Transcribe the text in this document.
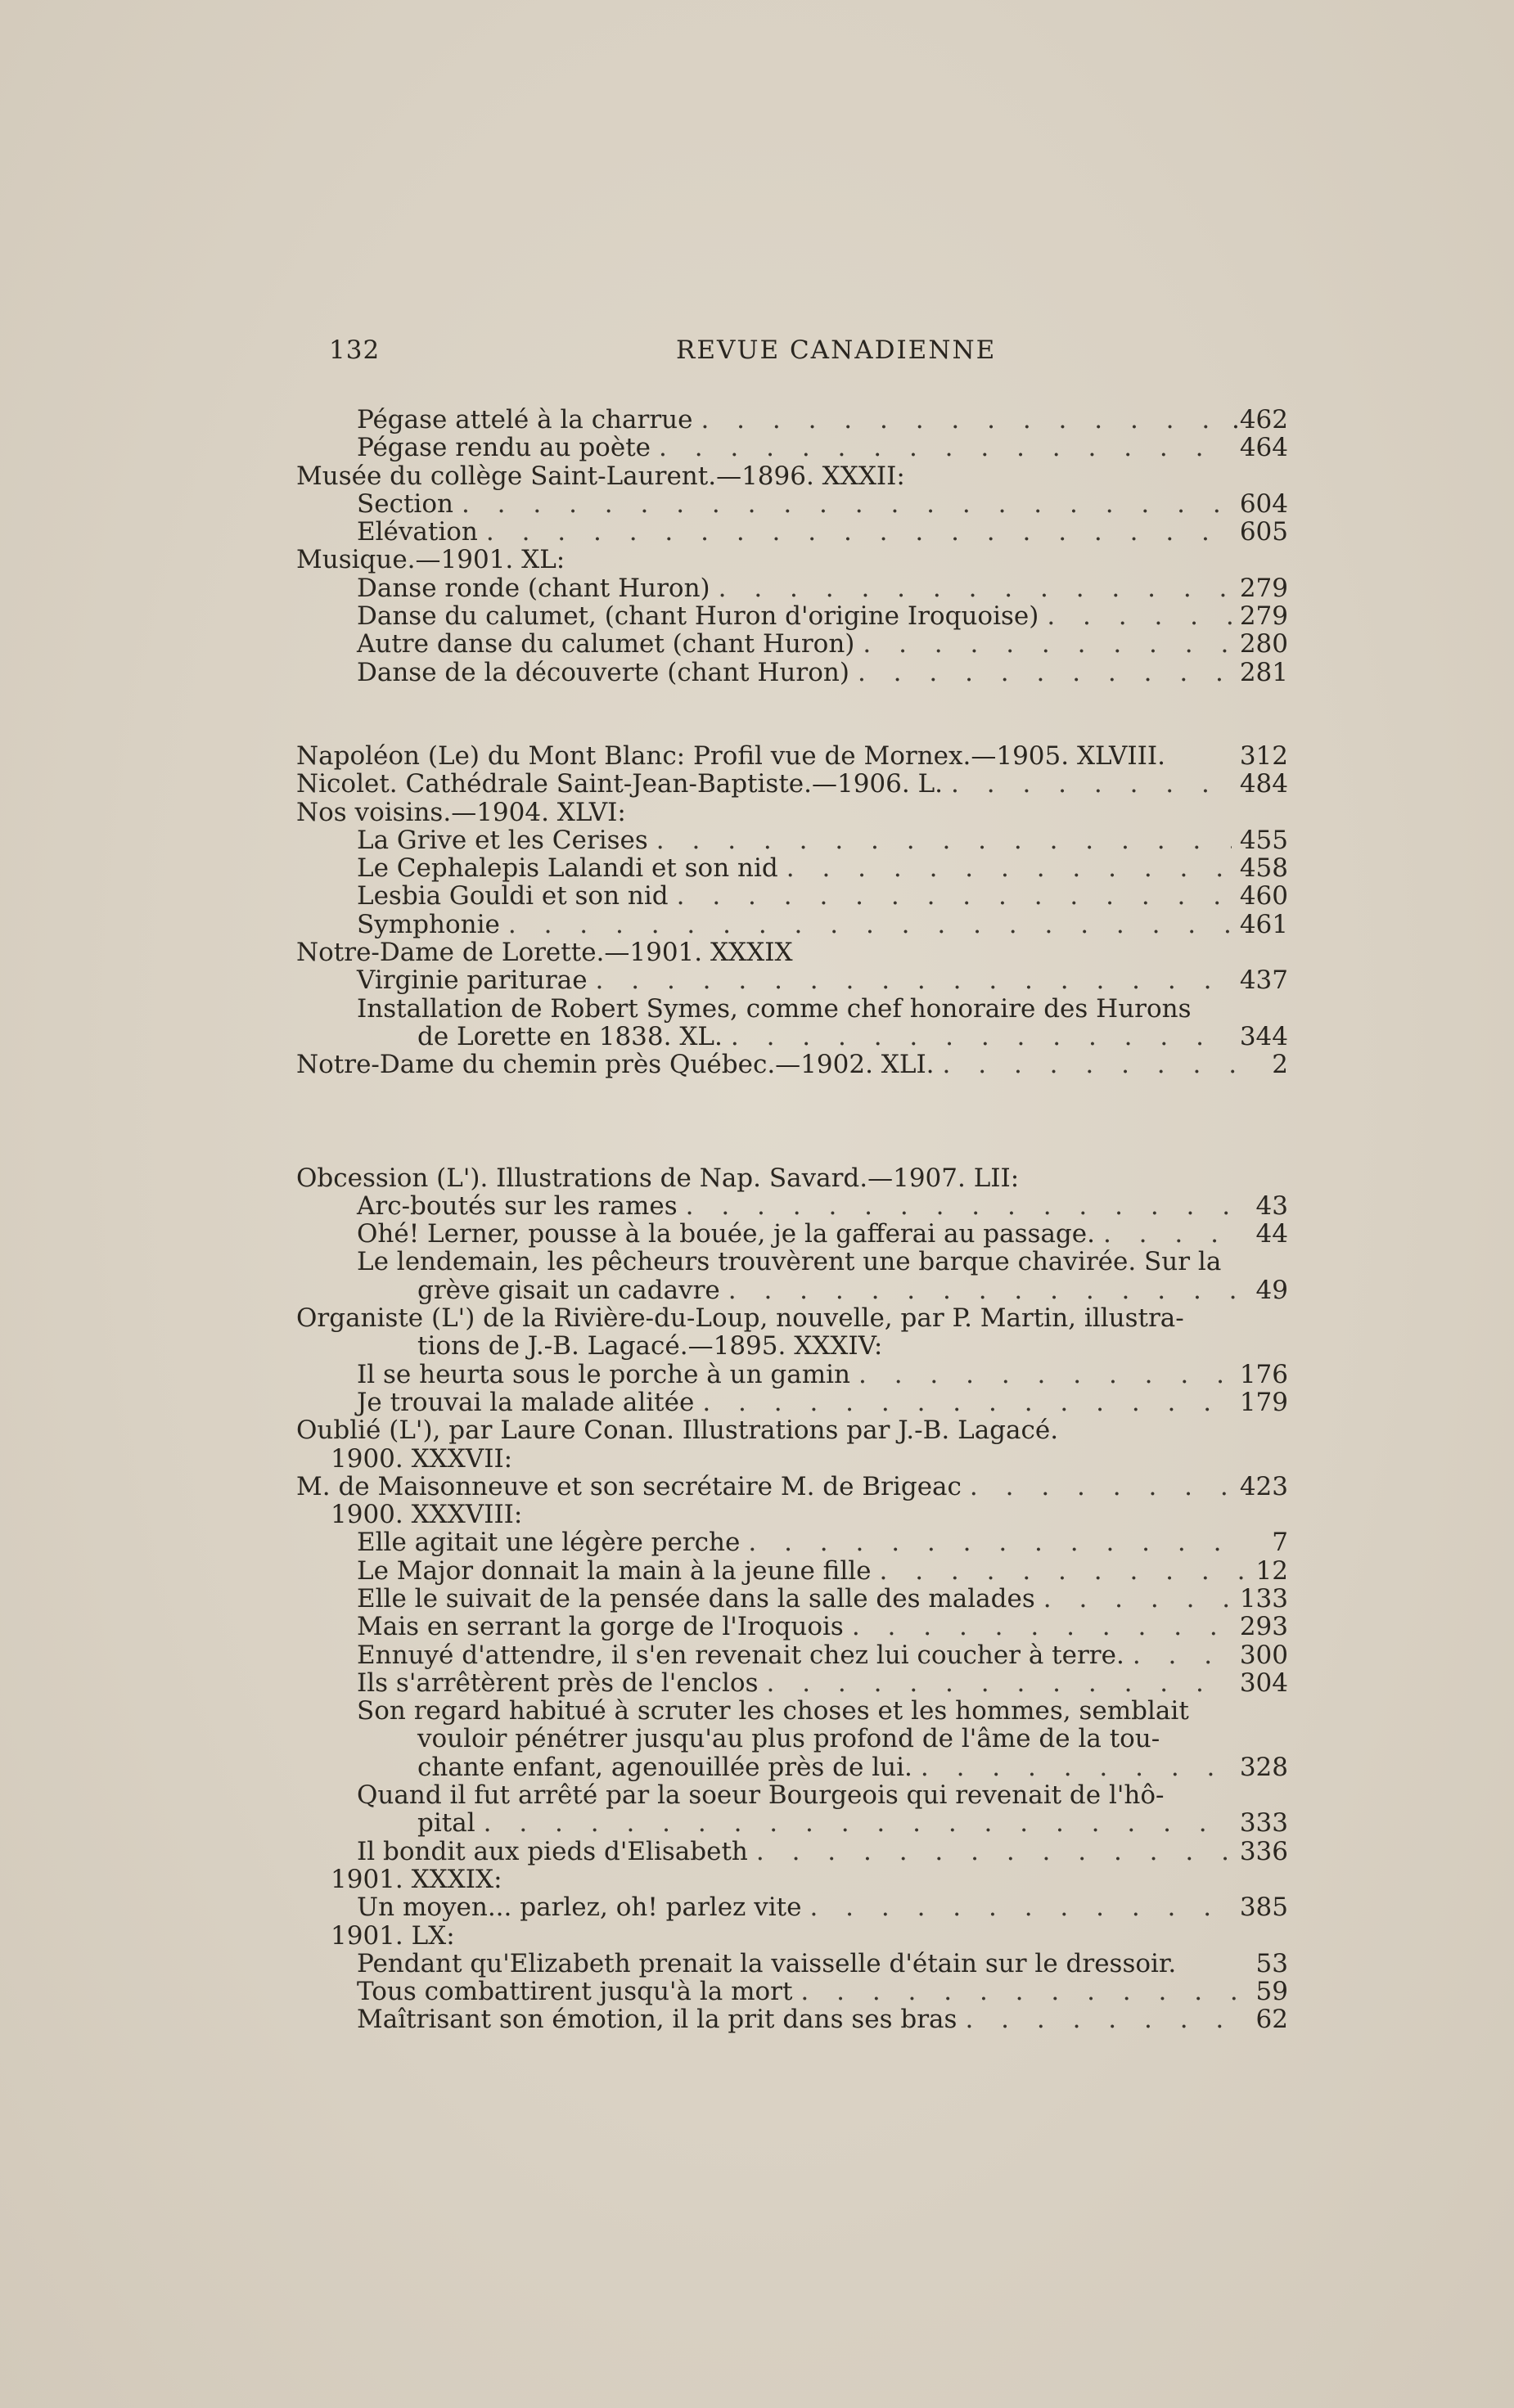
132	REVUE CANADIENNE
Pégase attelé à la charrue . . .	.462
Pégase rendu au poète . . .	464
Musée du collège Saint-Laurent.—1896. XXXII:
Section . . .	604
Elévation . . .	605
Musique.—1901. XL:
Danse ronde (chant Huron) . . .	279
Danse du calumet, (chant Huron d'origine Iroquoise) . . .	279
Autre danse du calumet (chant Huron) . . .	280
Danse de la découverte (chant Huron) . . .	281
Napoléon (Le) du Mont Blanc: Profil vue de Mornex.—1905. XLVIII.	312
Nicolet. Cathédrale Saint-Jean-Baptiste.—1906. L. . . .	484
Nos voisins.—1904. XLVI:
La Grive et les Cerises . . .	455
Le Cephalepis Lalandi et son nid . . .	458
Lesbia Gouldi et son nid . . .	460
Symphonie . . .	461
Notre-Dame de Lorette.—1901. XXXIX
Virginie pariturae . . .	437
Installation de Robert Symes, comme chef honoraire des Hurons
de Lorette en 1838. XL. . . .	344
Notre-Dame du chemin près Québec.—1902. XLI. . . .	2
Obcession (L'). Illustrations de Nap. Savard.—1907. LII:
Arc-boutés sur les rames . . .	43
Ohé! Lerner, pousse à la bouée, je la gafferai au passage. . . .	44
Le lendemain, les pêcheurs trouvèrent une barque chavirée. Sur la
grève gisait un cadavre . . .	49
Organiste (L') de la Rivière-du-Loup, nouvelle, par P. Martin, illustra-
tions de J.-B. Lagacé.—1895. XXXIV:
Il se heurta sous le porche à un gamin . . .	176
Je trouvai la malade alitée . . .	179
Oublié (L'), par Laure Conan. Illustrations par J.-B. Lagacé.
1900. XXXVII:
M. de Maisonneuve et son secrétaire M. de Brigeac . . .	423
1900. XXXVIII:
Elle agitait une légère perche . . .	7
Le Major donnait la main à la jeune fille . . .	12
Elle le suivait de la pensée dans la salle des malades . . .	133
Mais en serrant la gorge de l'Iroquois . . .	293
Ennuyé d'attendre, il s'en revenait chez lui coucher à terre. . . .	300
Ils s'arrêtèrent près de l'enclos . . .	304
Son regard habitué à scruter les choses et les hommes, semblait
vouloir pénétrer jusqu'au plus profond de l'âme de la tou-
chante enfant, agenouillée près de lui. . . .	328
Quand il fut arrêté par la soeur Bourgeois qui revenait de l'hô-
pital . . .	333
Il bondit aux pieds d'Elisabeth . . .	336
1901. XXXIX:
Un moyen... parlez, oh! parlez vite . . .	385
1901. LX:
Pendant qu'Elizabeth prenait la vaisselle d'étain sur le dressoir.	53
Tous combattirent jusqu'à la mort . . .	59
Maîtrisant son émotion, il la prit dans ses bras . . .	62
